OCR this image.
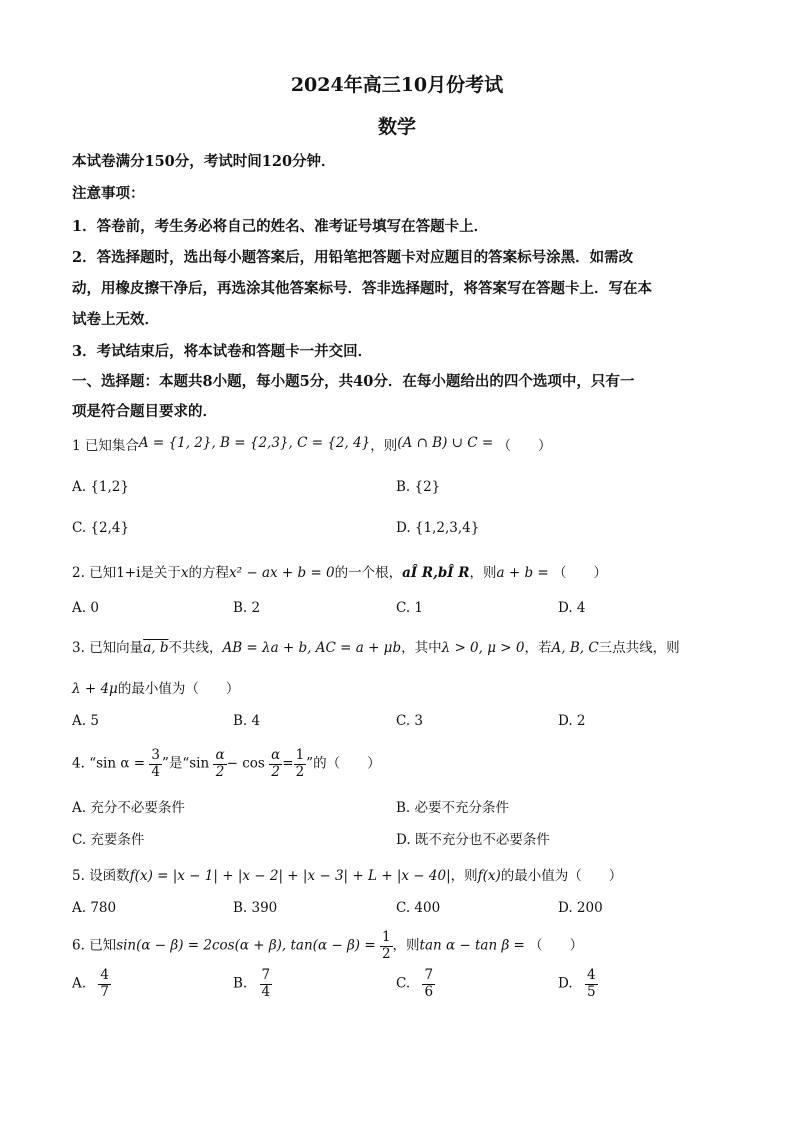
2024年高三10月份考试
数学
本试卷满分150分，考试时间120分钟．
注意事项：
1．答卷前，考生务必将自己的姓名、准考证号填写在答题卡上．
2．答选择题时，选出每小题答案后，用铅笔把答题卡对应题目的答案标号涂黑．如需改
动，用橡皮擦干净后，再选涂其他答案标号．答非选择题时，将答案写在答题卡上．写在本
试卷上无效．
3．考试结束后，将本试卷和答题卡一并交回．
一、选择题：本题共8小题，每小题5分，共40分．在每小题给出的四个选项中，只有一
项是符合题目要求的．
1 已知集合A = {1, 2}, B = {2,3}, C = {2, 4}，则(A ∩ B) ∪ C = （　　）
A. {1,2}	B. {2}
C. {2,4}	D. {1,2,3,4}
2. 已知1+i是关于x的方程x² − ax + b = 0的一个根，aÎ R,bÎ R，则a + b = （　　）
A. 0	B. 2	C. 1	D. 4
3. 已知向量a, b不共线，AB = λa + b, AC = a + μb，其中λ > 0, μ > 0，若A, B, C三点共线，则
λ + 4μ的最小值为（　　）
A. 5	B. 4	C. 3	D. 2
4. “sin $\alpha = \frac{3}{4}$ ”是“$\sin \frac{\alpha}{2} - \cos \frac{\alpha}{2} = \frac{1}{2}$ ”的（　　）
A. 充分不必要条件	B. 必要不充分条件
C. 充要条件	D. 既不充分也不必要条件
5. 设函数f(x) = |x − 1| + |x − 2| + |x − 3| + L + |x − 40|，则f(x)的最小值为（　　）
A. 780	B. 390	C. 400	D. 200
6. 已知sin(α − β) = 2cos(α + β), $\tan(\alpha - \beta) = \frac{1}{2}$ ，则tan α − tan β = （　　）
A. $\frac{4}{7}$	B. $\frac{7}{4}$	C. $\frac{7}{6}$	D. $\frac{4}{5}$
